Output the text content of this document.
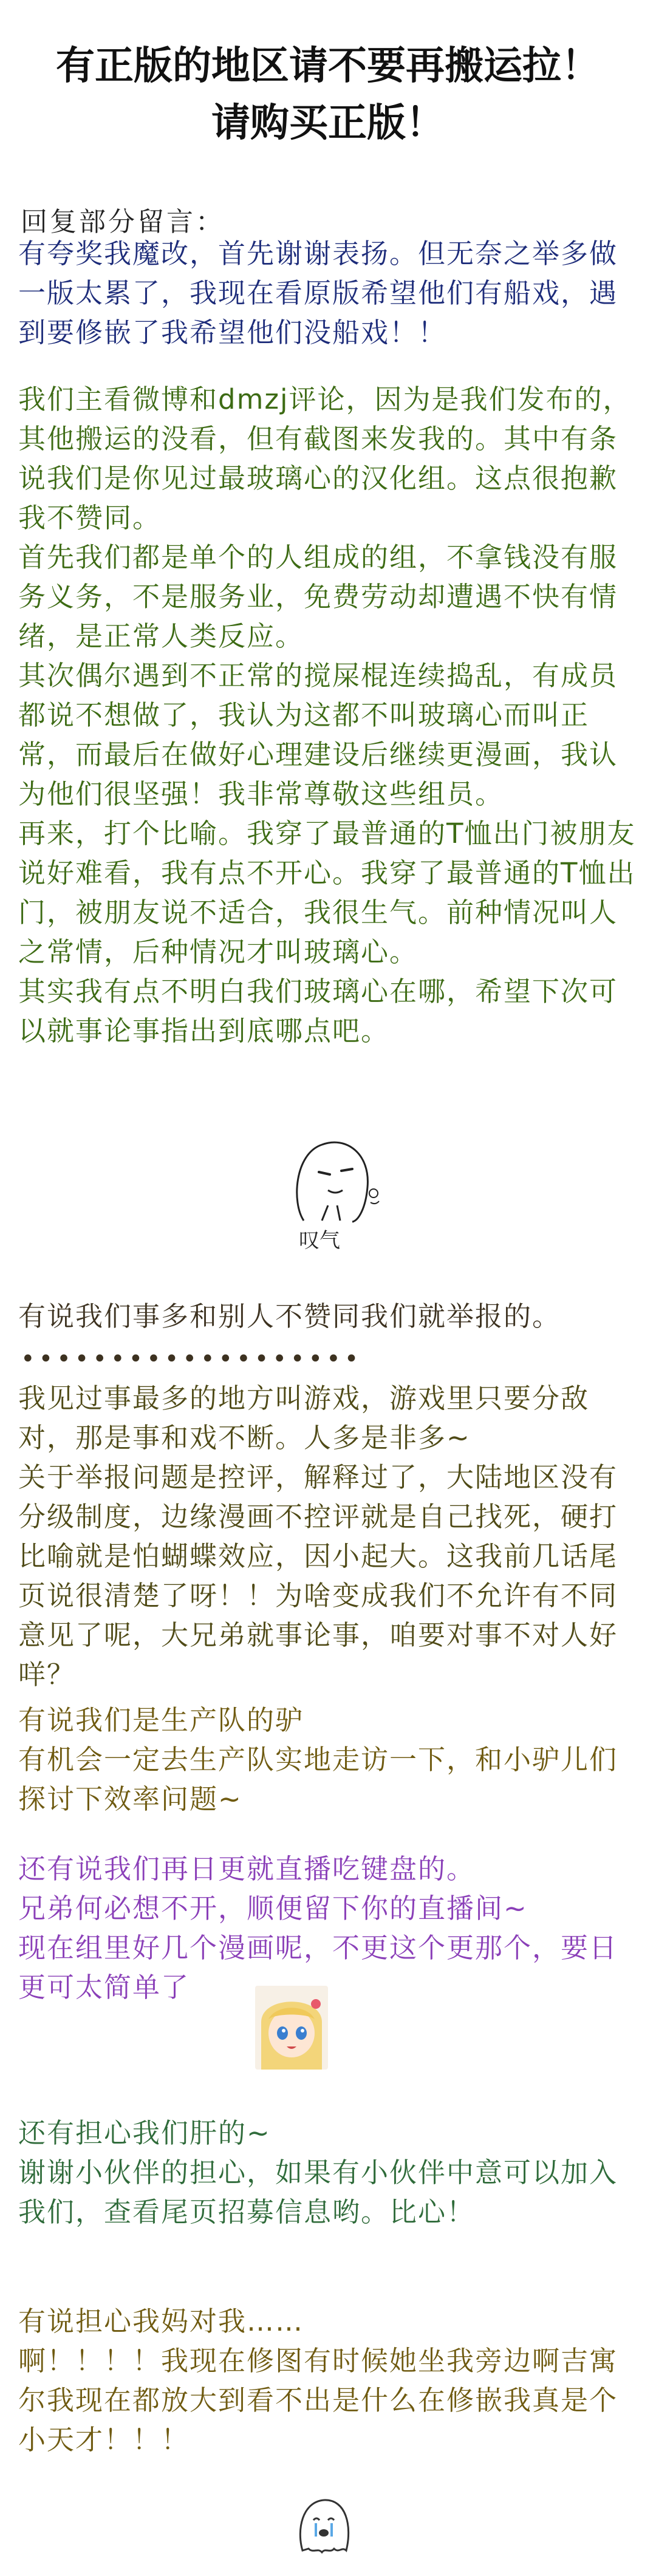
有正版的地区请不要再搬运拉！
请购买正版！
回复部分留言：

有夸奖我魔改，首先谢谢表扬。但无奈之举多做一版太累了，我现在看原版希望他们有船戏，遇到要修嵌了我希望他们没船戏！！

我们主看微博和dmzj评论，因为是我们发布的，其他搬运的没看，但有截图来发我的。其中有条说我们是你见过最玻璃心的汉化组。这点很抱歉我不赞同。

首先我们都是单个的人组成的组，不拿钱没有服务义务，不是服务业，免费劳动却遭遇不快有情绪，是正常人类反应。

其次偶尔遇到不正常的搅屎棍连续捣乱，有成员都说不想做了，我认为这都不叫玻璃心而叫正常，而最后在做好心理建设后继续更漫画，我认为他们很坚强！我非常尊敬这些组员。

再来，打个比喻。我穿了最普通的T恤出门被朋友说好难看，我有点不开心。我穿了最普通的T恤出门，被朋友说不适合，我很生气。前种情况叫人之常情，后种情况才叫玻璃心。

其实我有点不明白我们玻璃心在哪，希望下次可以就事论事指出到底哪点吧。

叹气

有说我们事多和别人不赞同我们就举报的。

•••••••••••••••••••

我见过事最多的地方叫游戏，游戏里只要分敌对，那是事和戏不断。人多是非多~

关于举报问题是控评，解释过了，大陆地区没有分级制度，边缘漫画不控评就是自己找死，硬打比喻就是怕蝴蝶效应，因小起大。这我前几话尾页说很清楚了呀！！为啥变成我们不允许有不同意见了呢，大兄弟就事论事，咱要对事不对人好咩？

有说我们是生产队的驴

有机会一定去生产队实地走访一下，和小驴儿们探讨下效率问题~

还有说我们再日更就直播吃键盘的。

兄弟何必想不开，顺便留下你的直播间~

现在组里好几个漫画呢，不更这个更那个，要日更可太简单了

还有担心我们肝的~

谢谢小伙伴的担心，如果有小伙伴中意可以加入我们，查看尾页招募信息哟。比心！

有说担心我妈对我……

啊！！！！我现在修图有时候她坐我旁边啊吉寓尔我现在都放大到看不出是什么在修嵌我真是个小天才！！！
